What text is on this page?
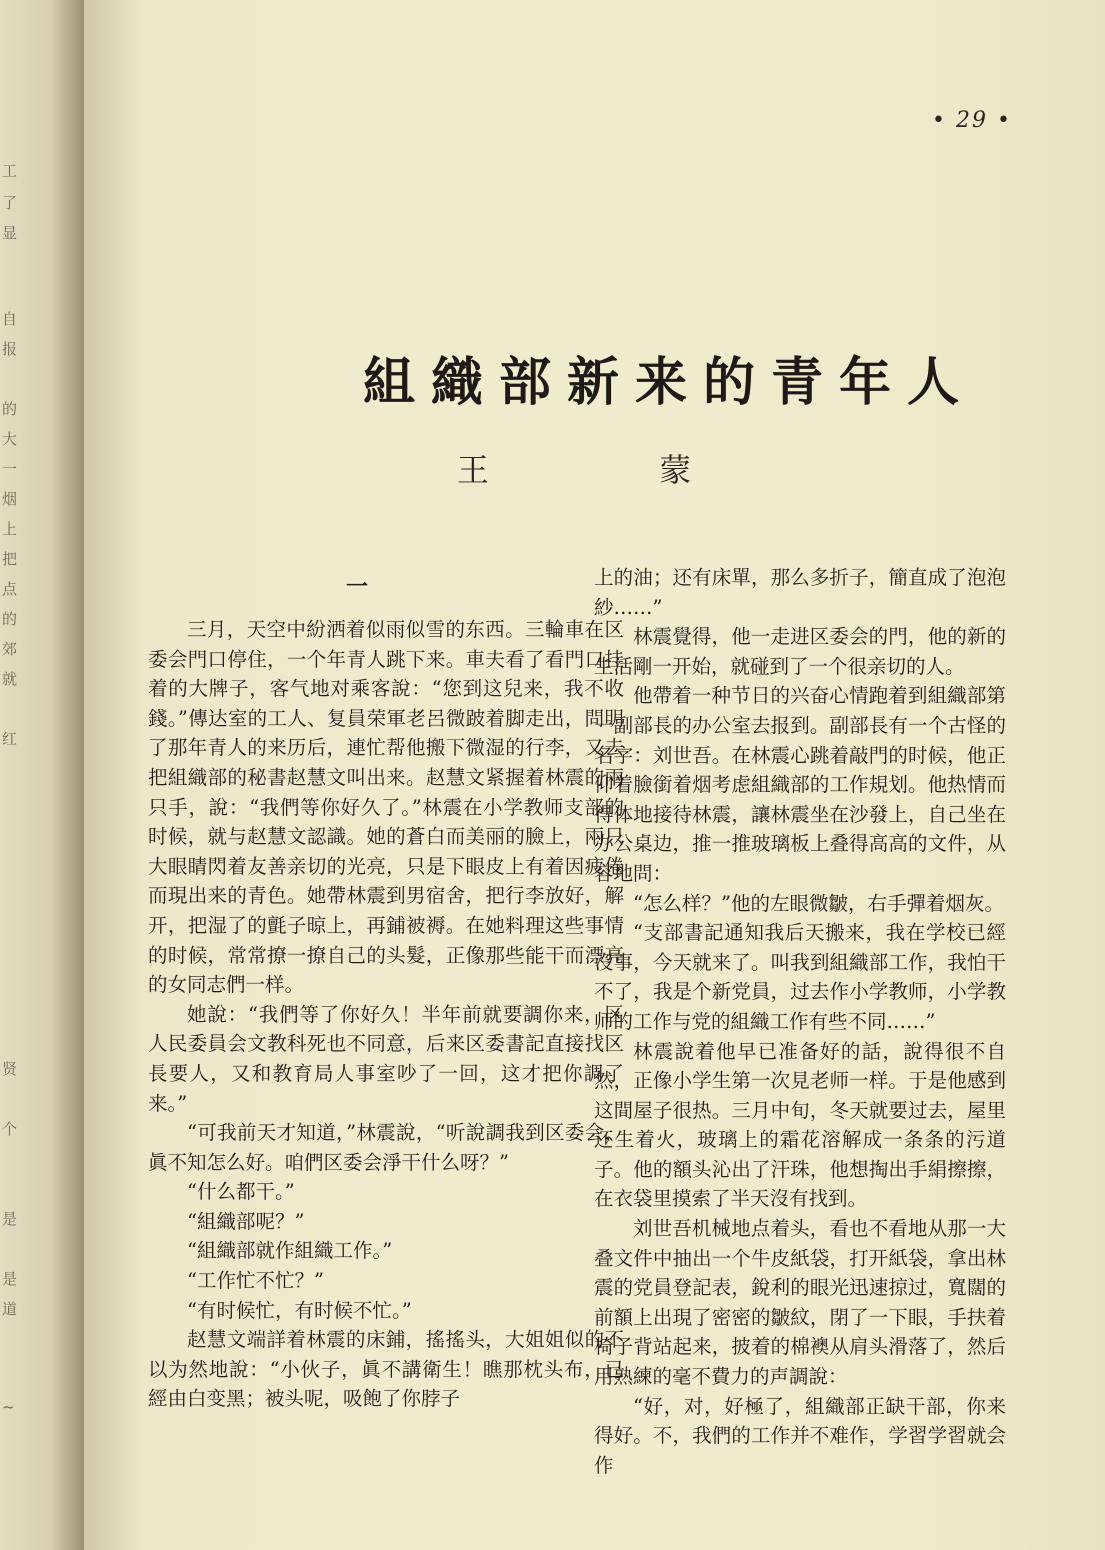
工
了
显
自
报
的
大
一
烟
上
把
点
的
郊
就
红
贤
个
是
是
道
~
• 29 •
組織部新来的青年人
王 蒙
一

三月，天空中紛洒着似雨似雪的东西。三輪車在区委会門口停住，一个年青人跳下来。車夫看了看門口挂着的大牌子，客气地对乘客說：“您到这兒来，我不收錢。”傳达室的工人、复員荣軍老呂微跛着脚走出，問明了那年青人的来历后，連忙帮他搬下微湿的行李，又去把組織部的秘書赵慧文叫出来。赵慧文紧握着林震的兩只手，說：“我們等你好久了。”林震在小学教师支部的时候，就与赵慧文認識。她的蒼白而美丽的臉上，兩只大眼睛閃着友善亲切的光亮，只是下眼皮上有着因疲倦而現出来的青色。她帶林震到男宿舍，把行李放好，解开，把湿了的氈子晾上，再鋪被褥。在她料理这些事情的时候，常常撩一撩自己的头髮，正像那些能干而漂亮的女同志們一样。

她說：“我們等了你好久！半年前就要調你来，区人民委員会文教科死也不同意，后来区委書記直接找区長要人，又和教育局人事室吵了一回，这才把你調了来。”

“可我前天才知道，”林震說，“听說調我到区委会，眞不知怎么好。咱們区委会淨干什么呀？”

“什么都干。”

“組織部呢？”

“組織部就作組織工作。”

“工作忙不忙？”

“有时候忙，有时候不忙。”

赵慧文端詳着林震的床鋪，搖搖头，大姐姐似的不以为然地說：“小伙子，眞不講衛生！瞧那枕头布，已經由白变黑；被头呢，吸飽了你脖子

上的油；还有床單，那么多折子，簡直成了泡泡紗……”

林震覺得，他一走进区委会的門，他的新的生活剛一开始，就碰到了一个很亲切的人。

他帶着一种节日的兴奋心情跑着到組織部第一副部長的办公室去报到。副部長有一个古怪的名字：刘世吾。在林震心跳着敲門的时候，他正仰着臉銜着烟考虑組織部的工作規划。他热情而得体地接待林震，讓林震坐在沙發上，自己坐在办公桌边，推一推玻璃板上叠得高高的文件，从容地問：

“怎么样？”他的左眼微皺，右手彈着烟灰。

“支部書記通知我后天搬来，我在学校已經沒事，今天就来了。叫我到組織部工作，我怕干不了，我是个新党員，过去作小学教师，小学教师的工作与党的組織工作有些不同……”

林震說着他早已准备好的話，說得很不自然，正像小学生第一次見老师一样。于是他感到这間屋子很热。三月中旬，冬天就要过去，屋里还生着火，玻璃上的霜花溶解成一条条的污道子。他的額头沁出了汗珠，他想掏出手絹擦擦，在衣袋里摸索了半天沒有找到。

刘世吾机械地点着头，看也不看地从那一大叠文件中抽出一个牛皮紙袋，打开紙袋，拿出林震的党員登記表，銳利的眼光迅速掠过，寬闊的前額上出現了密密的皺紋，閉了一下眼，手扶着椅子背站起来，披着的棉襖从肩头滑落了，然后用熟練的毫不費力的声調說：

“好，对，好極了，組織部正缺干部，你来得好。不，我們的工作并不难作，学習学習就会作
